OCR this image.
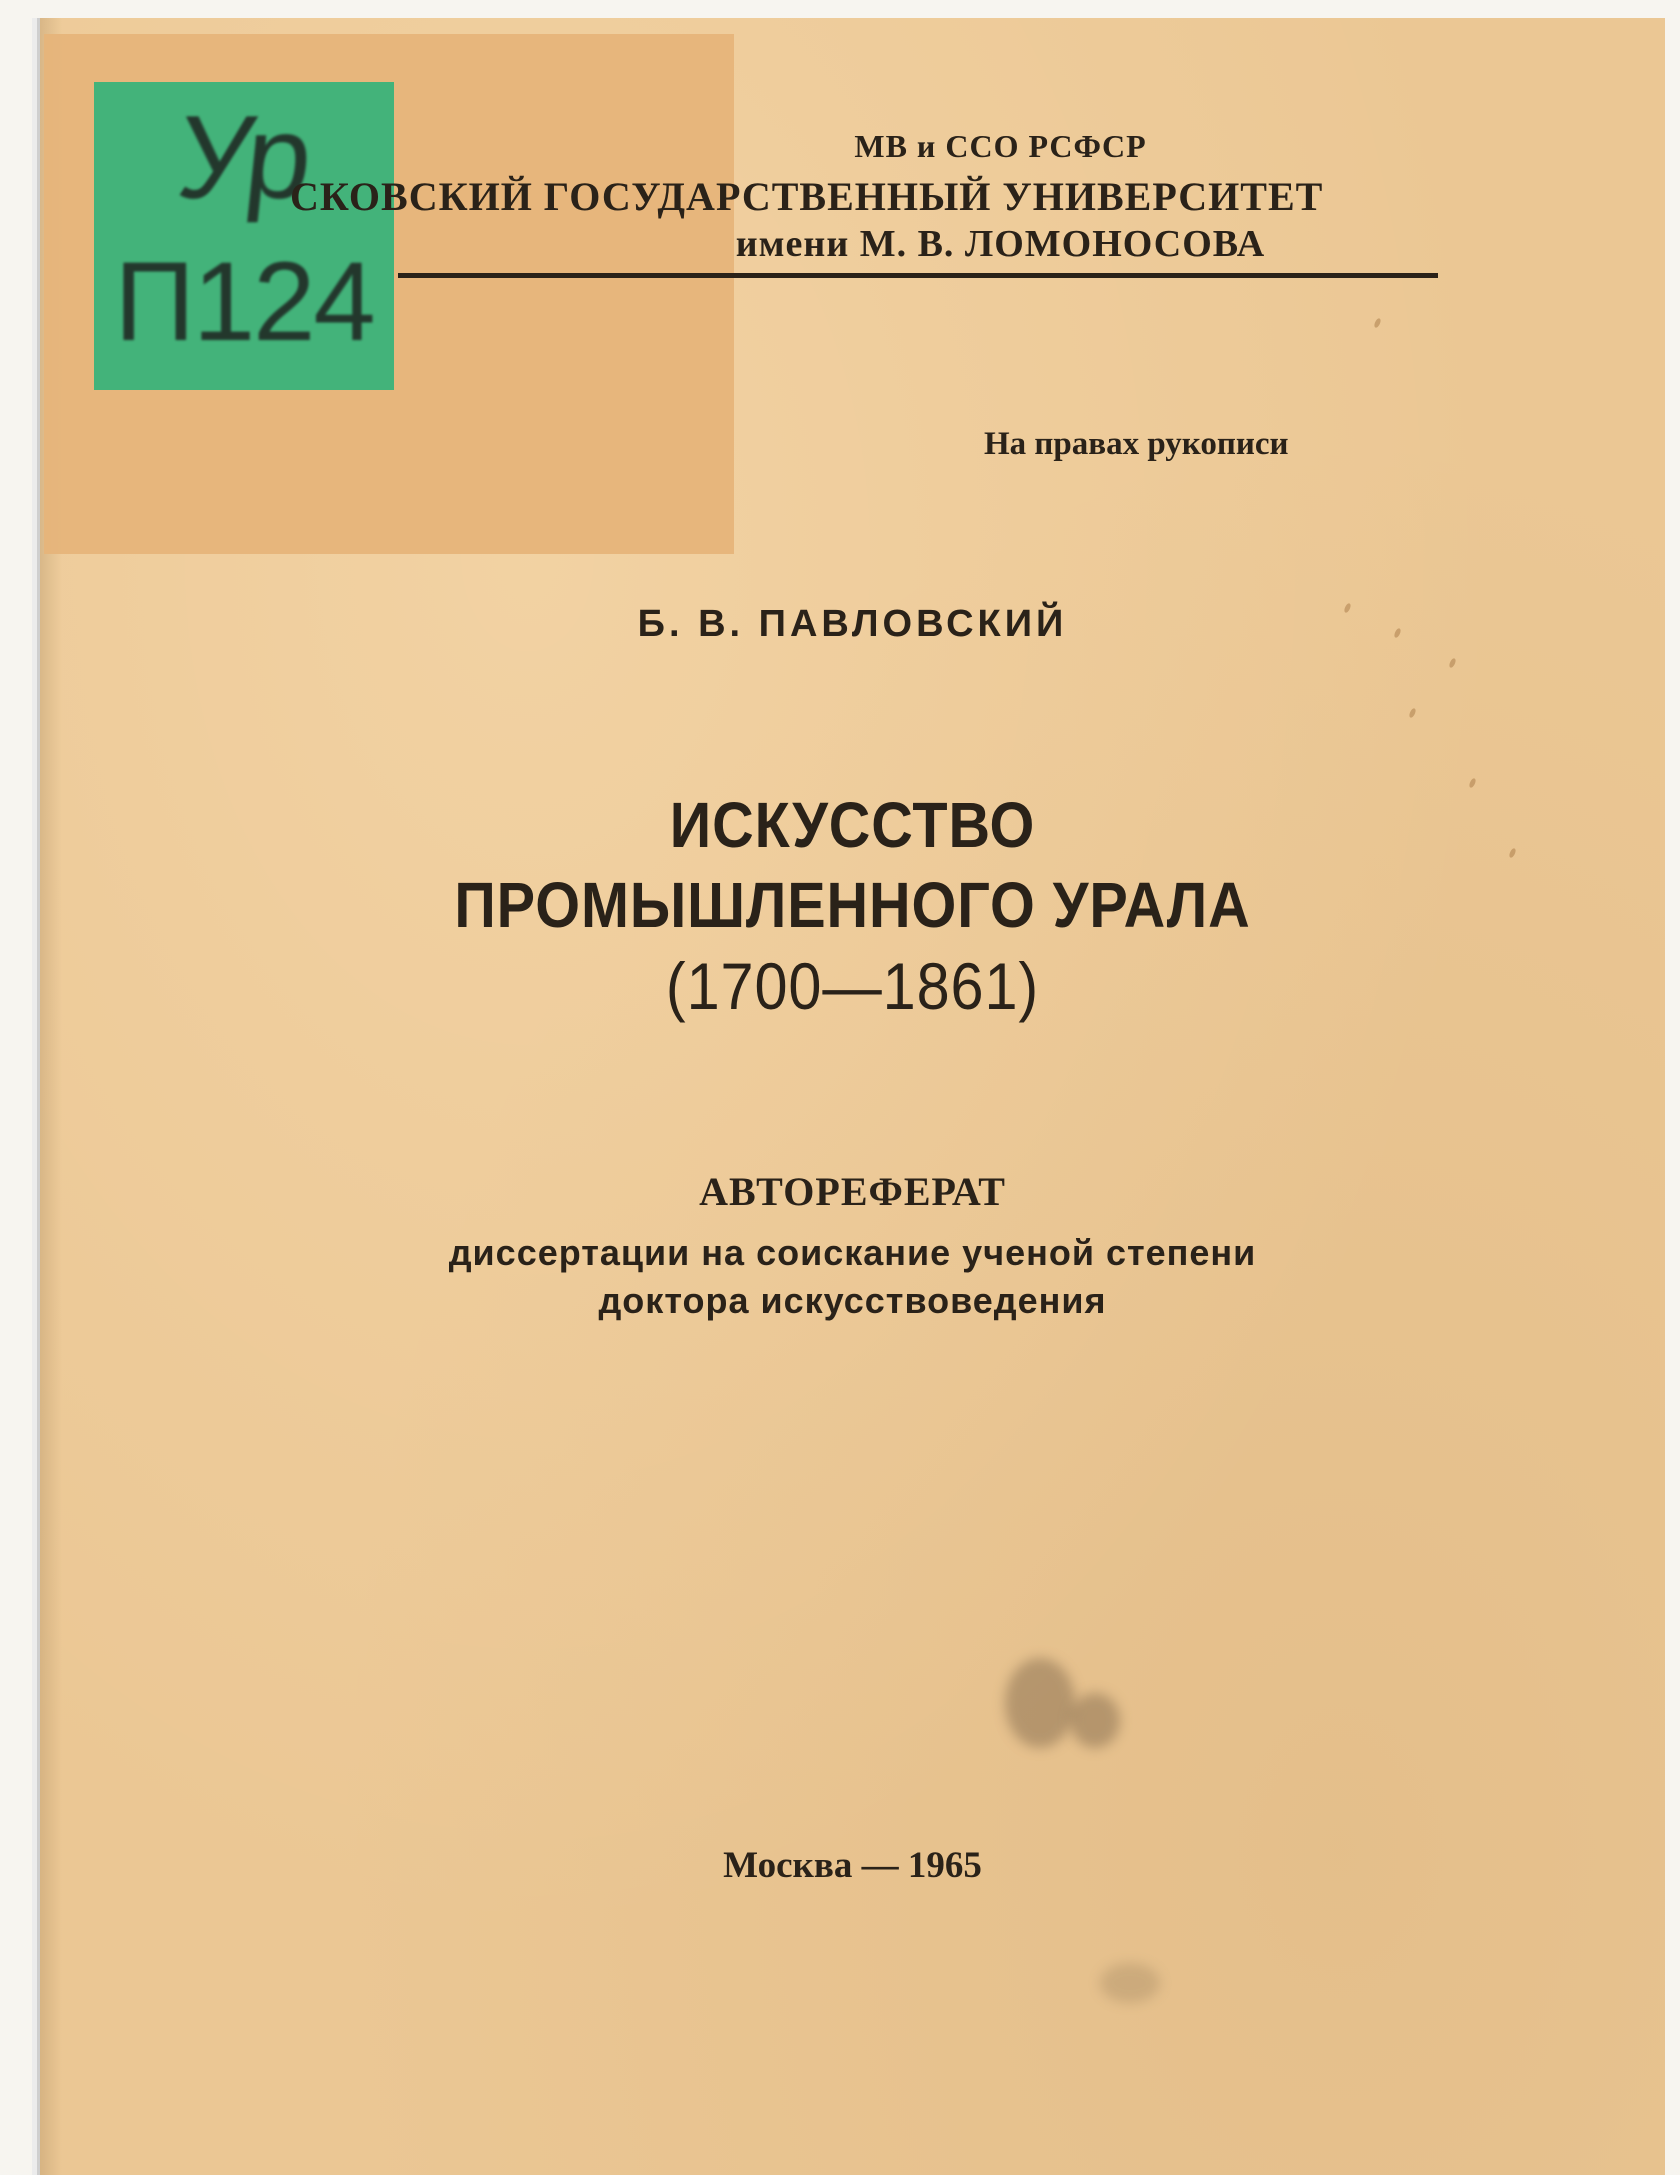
Ур
П124
МВ и ССО РСФСР
СКОВСКИЙ ГОСУДАРСТВЕННЫЙ УНИВЕРСИТЕТ
имени М. В. ЛОМОНОСОВА
На правах рукописи
Б. В. ПАВЛОВСКИЙ
ИСКУССТВО
ПРОМЫШЛЕННОГО УРАЛА
(1700—1861)
АВТОРЕФЕРАТ
диссертации на соискание ученой степени
доктора искусствоведения
Москва — 1965
